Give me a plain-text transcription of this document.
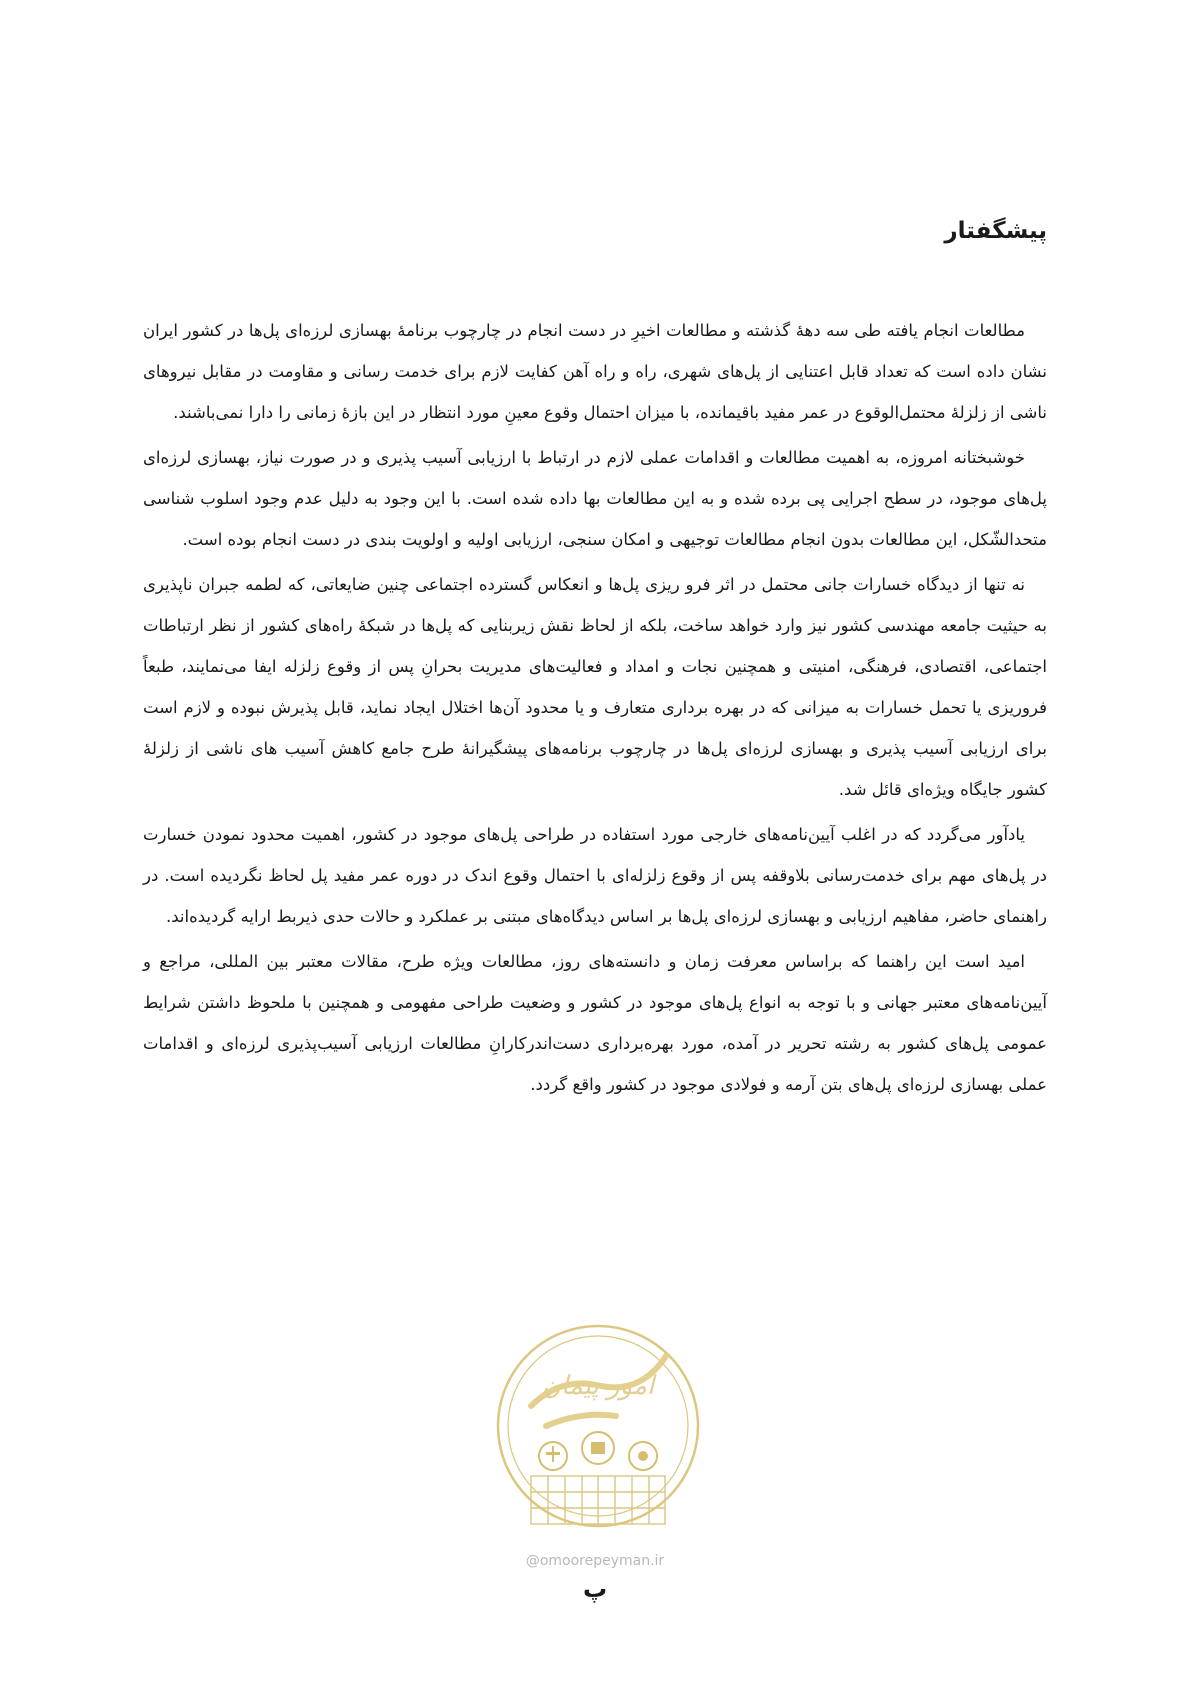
پیشگفتار

مطالعات انجام یافته طی سه دهۀ گذشته و مطالعات اخیرِ در دست انجام در چارچوب برنامۀ بهسازی لرزه‌ای پل‌ها در کشور ایران نشان داده است که تعداد قابل اعتنایی از پل‌های شهری، راه و راه آهن کفایت لازم برای خدمت رسانی و مقاومت در مقابل نیروهای ناشی از زلزلۀ محتمل‌الوقوع در عمر مفید باقیمانده، با میزان احتمال وقوع معینِ مورد انتظار در این بازۀ زمانی را دارا نمی‌باشند.

خوشبختانه امروزه، به اهمیت مطالعات و اقدامات عملی لازم در ارتباط با ارزیابی آسیب پذیری و در صورت نیاز، بهسازی لرزه‌ای پل‌های موجود، در سطح اجرایی پی برده شده و به این مطالعات بها داده شده است. با این وجود به دلیل عدم وجود اسلوب شناسی متحدالشّکل، این مطالعات بدون انجام مطالعات توجیهی و امکان سنجی، ارزیابی اولیه و اولویت بندی در دست انجام بوده است.

نه تنها از دیدگاه خسارات جانی محتمل در اثر فرو ریزی پل‌ها و انعکاس گسترده اجتماعی چنین ضایعاتی، که لطمه جبران ناپذیری به حیثیت جامعه مهندسی کشور نیز وارد خواهد ساخت، بلکه از لحاظ نقش زیربنایی که پل‌ها در شبکۀ راه‌های کشور از نظر ارتباطات اجتماعی، اقتصادی، فرهنگی، امنیتی و همچنین نجات و امداد و فعالیت‌های مدیریت بحرانِ پس از وقوع زلزله ایفا می‌نمایند، طبعاً فروریزی یا تحمل خسارات به میزانی که در بهره برداری متعارف و یا محدود آن‌ها اختلال ایجاد نماید، قابل پذیرش نبوده و لازم است برای ارزیابی آسیب پذیری و بهسازی لرزه‌ای پل‌ها در چارچوب برنامه‌های پیشگیرانۀ طرح جامع کاهش آسیب های ناشی از زلزلۀ کشور جایگاه ویژه‌ای قائل شد.

یادآور می‌گردد که در اغلب آیین‌نامه‌های خارجی مورد استفاده در طراحی پل‌های موجود در کشور، اهمیت محدود نمودن خسارت در پل‌های مهم برای خدمت‌رسانی بلاوقفه پس از وقوع زلزله‌ای با احتمال وقوع اندک در دوره عمر مفید پل لحاظ نگردیده است. در راهنمای حاضر، مفاهیم ارزیابی و بهسازی لرزه‌ای پل‌ها بر اساس دیدگاه‌های مبتنی بر عملکرد و حالات حدی ذیربط ارایه گردیده‌اند.

امید است این راهنما که براساس معرفت زمان و دانسته‌های روز، مطالعات ویژه طرح، مقالات معتبر بین المللی، مراجع و آیین‌نامه‌های معتبر جهانی و با توجه به انواع پل‌های موجود در کشور و وضعیت طراحی مفهومی و همچنین با ملحوظ داشتن شرایط عمومی پل‌های کشور به رشته تحریر در آمده، مورد بهره‌برداری دست‌اندرکارانِ مطالعات ارزیابی آسیب‌پذیری لرزه‌ای و اقدامات عملی بهسازی لرزه‌ای پل‌های بتن آرمه و فولادی موجود در کشور واقع گردد.

امور پیمان
@omoorepeyman.ir
پ
